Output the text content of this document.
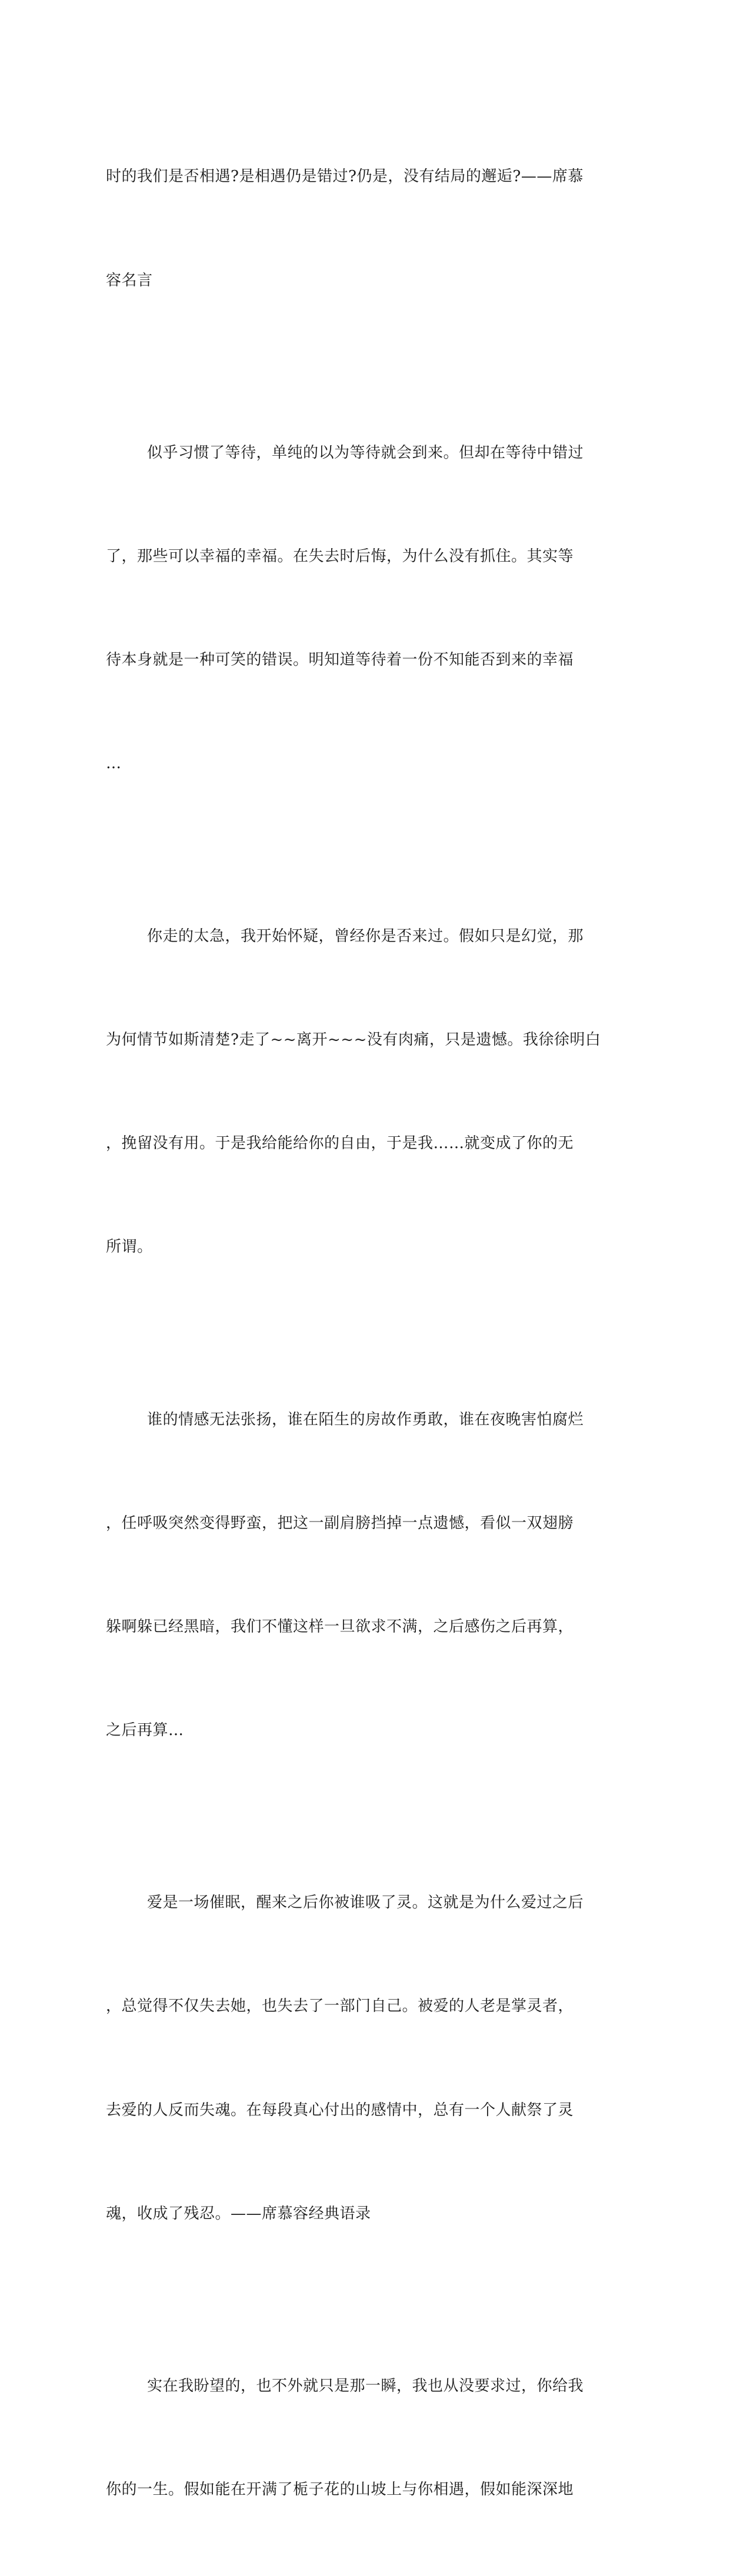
时的我们是否相遇?是相遇仍是错过?仍是，没有结局的邂逅?——席慕

容名言

似乎习惯了等待，单纯的以为等待就会到来。但却在等待中错过

了，那些可以幸福的幸福。在失去时后悔，为什么没有抓住。其实等

待本身就是一种可笑的错误。明知道等待着一份不知能否到来的幸福

…

你走的太急，我开始怀疑，曾经你是否来过。假如只是幻觉，那

为何情节如斯清楚?走了~~离开~~~没有肉痛，只是遗憾。我徐徐明白

，挽留没有用。于是我给能给你的自由，于是我……就变成了你的无

所谓。

谁的情感无法张扬，谁在陌生的房故作勇敢，谁在夜晚害怕腐烂

，任呼吸突然变得野蛮，把这一副肩膀挡掉一点遗憾，看似一双翅膀

躲啊躲已经黑暗，我们不懂这样一旦欲求不满，之后感伤之后再算，

之后再算…

爱是一场催眠，醒来之后你被谁吸了灵。这就是为什么爱过之后

，总觉得不仅失去她，也失去了一部门自己。被爱的人老是掌灵者，

去爱的人反而失魂。在每段真心付出的感情中，总有一个人献祭了灵

魂，收成了残忍。——席慕容经典语录

实在我盼望的，也不外就只是那一瞬，我也从没要求过，你给我

你的一生。假如能在开满了栀子花的山坡上与你相遇，假如能深深地
